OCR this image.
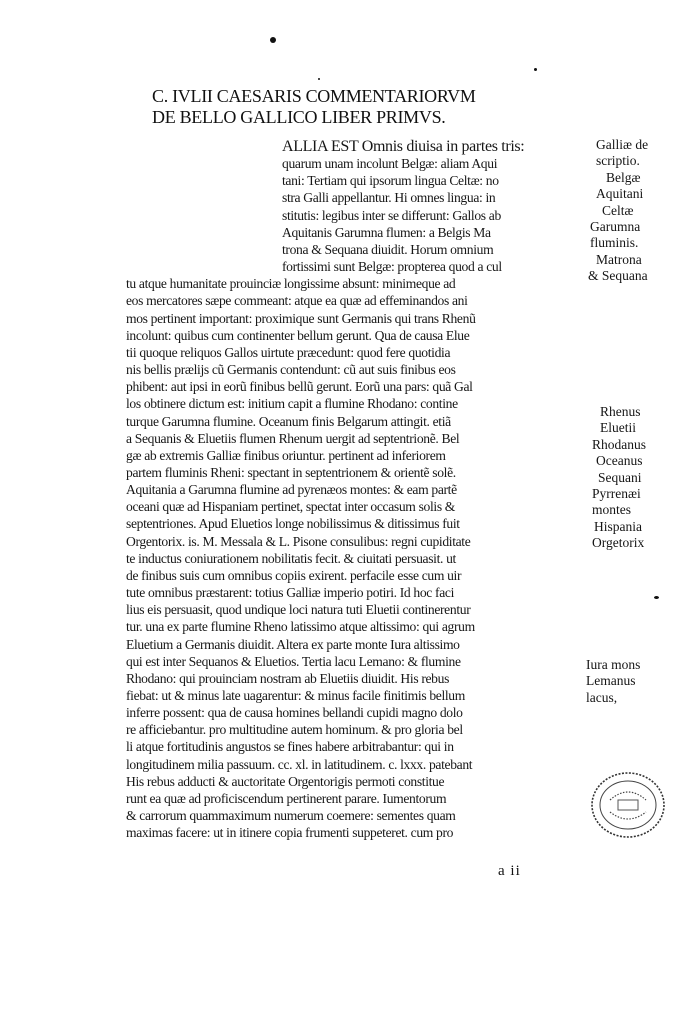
C. IVLII CAESARIS COMMENTARIORVM
DE BELLO GALLICO LIBER PRIMVS.
ALLIA EST Omnis diuisa in partes tris:
quarum unam incolunt Belgæ: aliam Aqui
tani: Tertiam qui ipsorum lingua Celtæ: no
stra Galli appellantur. Hi omnes lingua: in
stitutis: legibus inter se differunt: Gallos ab
Aquitanis Garumna flumen: a Belgis Ma
trona & Sequana diuidit. Horum omnium
fortissimi sunt Belgæ: propterea quod a cul
tu atque humanitate prouinciæ longissime absunt: minimeque ad
eos mercatores sæpe commeant: atque ea quæ ad effeminandos ani
mos pertinent important: proximique sunt Germanis qui trans Rhenũ
incolunt: quibus cum continenter bellum gerunt. Qua de causa Elue
tii quoque reliquos Gallos uirtute præcedunt: quod fere quotidia
nis bellis prælijs cũ Germanis contendunt: cũ aut suis finibus eos
phibent: aut ipsi in eorũ finibus bellũ gerunt. Eorũ una pars: quã Gal
los obtinere dictum est: initium capit a flumine Rhodano: contine
turque Garumna flumine. Oceanum finis Belgarum attingit. etiã
a Sequanis & Eluetiis flumen Rhenum uergit ad septentrionẽ. Bel
gæ ab extremis Galliæ finibus oriuntur. pertinent ad inferiorem
partem fluminis Rheni: spectant in septentrionem & orientẽ solẽ.
Aquitania a Garumna flumine ad pyrenæos montes: & eam partẽ
oceani quæ ad Hispaniam pertinet, spectat inter occasum solis &
septentriones. Apud Eluetios longe nobilissimus & ditissimus fuit
Orgentorix. is. M. Messala & L. Pisone consulibus: regni cupiditate
te inductus coniurationem nobilitatis fecit. & ciuitati persuasit. ut
de finibus suis cum omnibus copiis exirent. perfacile esse cum uir
tute omnibus præstarent: totius Galliæ imperio potiri. Id hoc faci
lius eis persuasit, quod undique loci natura tuti Eluetii continerentur
tur. una ex parte flumine Rheno latissimo atque altissimo: qui agrum
Eluetium a Germanis diuidit. Altera ex parte monte Iura altissimo
qui est inter Sequanos & Eluetios. Tertia lacu Lemano: & flumine
Rhodano: qui prouinciam nostram ab Eluetiis diuidit. His rebus
fiebat: ut & minus late uagarentur: & minus facile finitimis bellum
inferre possent: qua de causa homines bellandi cupidi magno dolo
re afficiebantur. pro multitudine autem hominum. & pro gloria bel
li atque fortitudinis angustos se fines habere arbitrabantur: qui in
longitudinem milia passuum. cc. xl. in latitudinem. c. lxxx. patebant
His rebus adducti & auctoritate Orgentorigis permoti constitue
runt ea quæ ad proficiscendum pertinerent parare. Iumentorum
& carrorum quammaximum numerum coemere: sementes quam
maximas facere: ut in itinere copia frumenti suppeteret. cum pro
Galliæ de
scriptio.
Belgæ
Aquitani
Celtæ
Garumna
fluminis.
Matrona
& Sequana
Rhenus
Eluetii
Rhodanus
Oceanus
Sequani
Pyrrenæi
montes
Hispania
Orgetorix
Iura mons
Lemanus
lacus,
a ii
